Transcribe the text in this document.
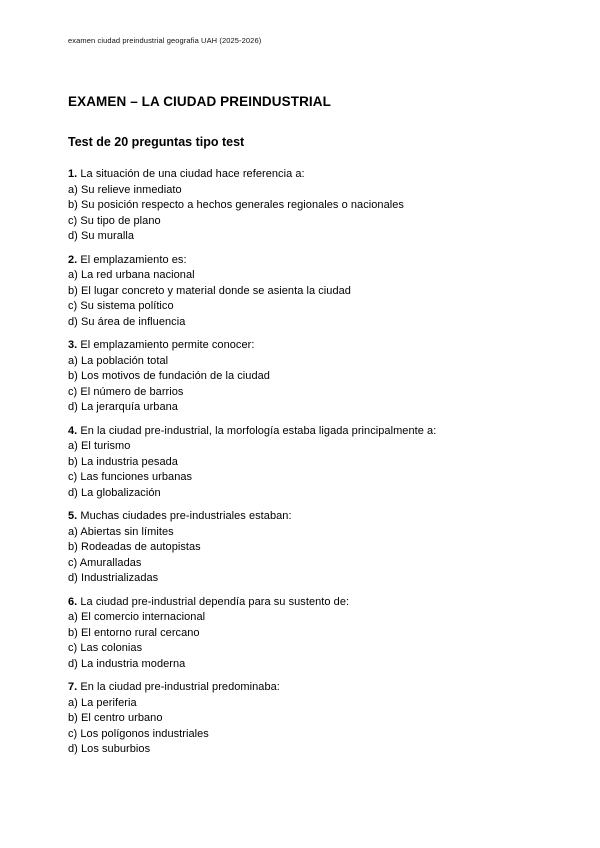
examen ciudad preindustrial geografia UAH (2025-2026)
EXAMEN – LA CIUDAD PREINDUSTRIAL
Test de 20 preguntas tipo test

1. La situación de una ciudad hace referencia a:

a) Su relieve inmediato

b) Su posición respecto a hechos generales regionales o nacionales

c) Su tipo de plano

d) Su muralla

2. El emplazamiento es:

a) La red urbana nacional

b) El lugar concreto y material donde se asienta la ciudad

c) Su sistema político

d) Su área de influencia

3. El emplazamiento permite conocer:

a) La población total

b) Los motivos de fundación de la ciudad

c) El número de barrios

d) La jerarquía urbana

4. En la ciudad pre-industrial, la morfología estaba ligada principalmente a:

a) El turismo

b) La industria pesada

c) Las funciones urbanas

d) La globalización

5. Muchas ciudades pre-industriales estaban:

a) Abiertas sin límites

b) Rodeadas de autopistas

c) Amuralladas

d) Industrializadas

6. La ciudad pre-industrial dependía para su sustento de:

a) El comercio internacional

b) El entorno rural cercano

c) Las colonias

d) La industria moderna

7. En la ciudad pre-industrial predominaba:

a) La periferia

b) El centro urbano

c) Los polígonos industriales

d) Los suburbios
